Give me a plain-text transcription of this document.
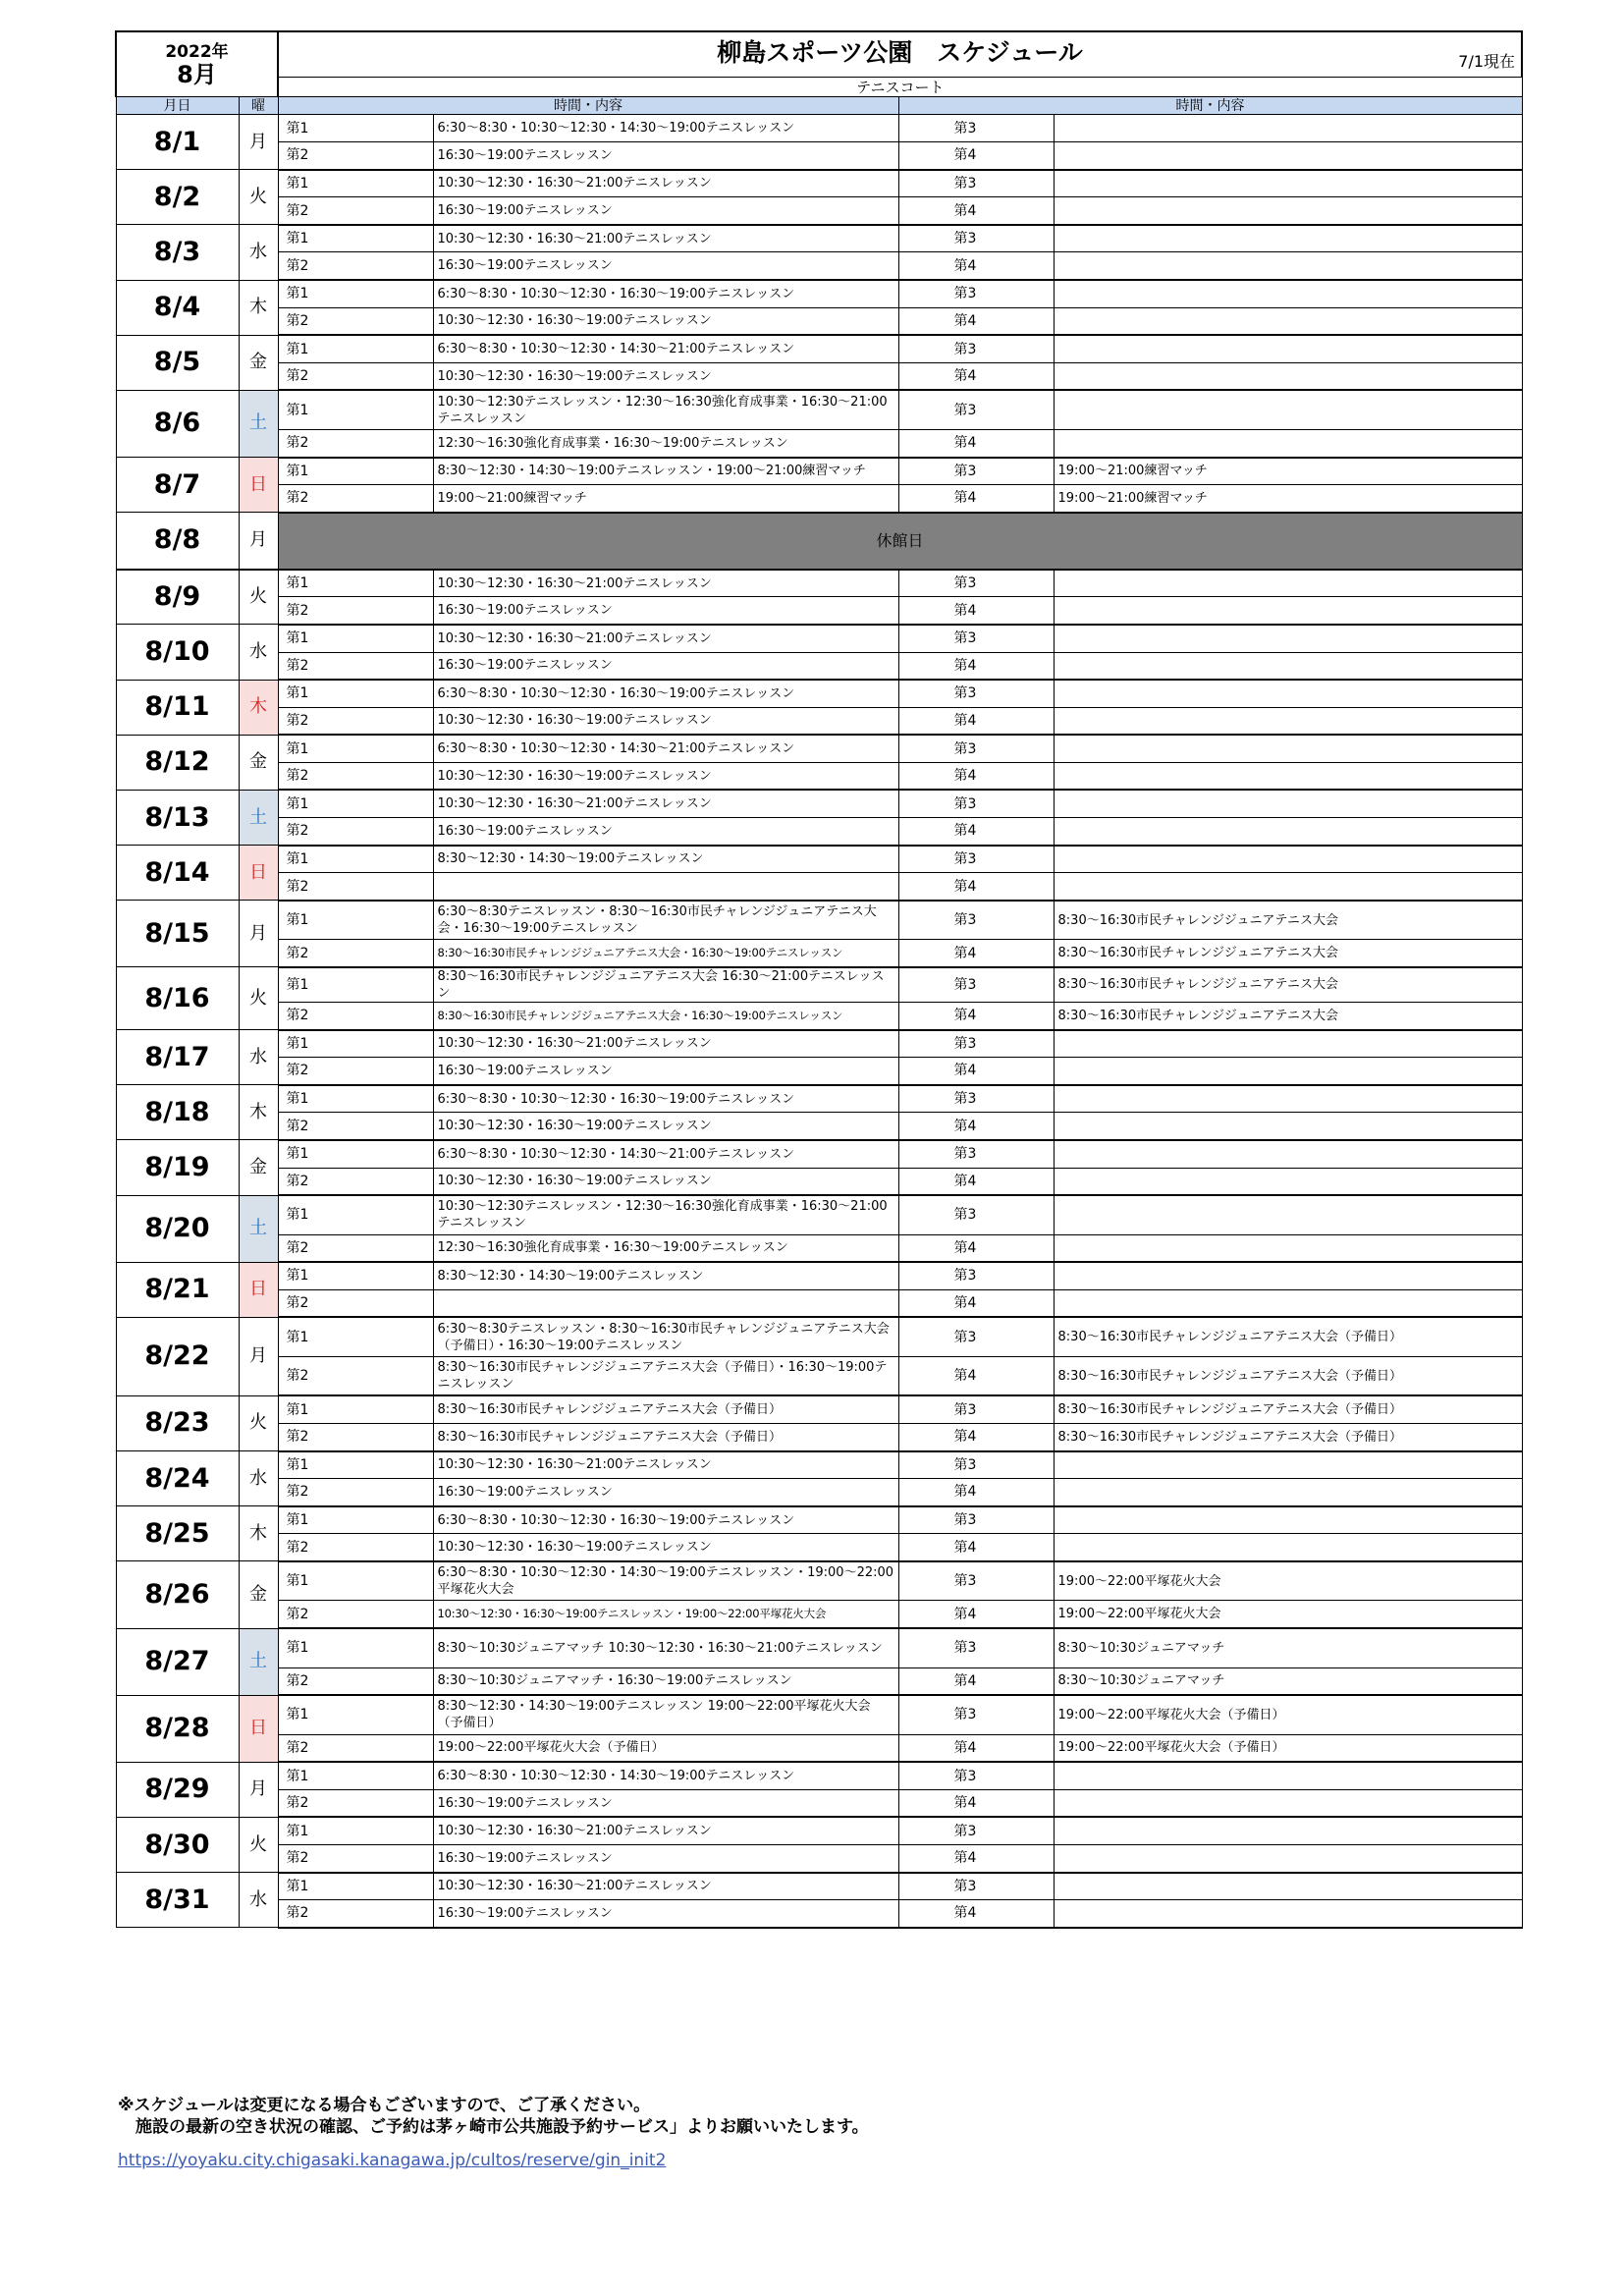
2022年
8月		柳島スポーツ公園　スケジュール 7/1現在			

		テニスコート			
月日	曜	時間・内容		時間・内容	
8/1	月	第1	6:30～8:30・10:30～12:30・14:30～19:00テニスレッスン	第3	
		第2	16:30～19:00テニスレッスン	第4	
8/2	火	第1	10:30～12:30・16:30～21:00テニスレッスン	第3	
		第2	16:30～19:00テニスレッスン	第4	
8/3	水	第1	10:30～12:30・16:30～21:00テニスレッスン	第3	
		第2	16:30～19:00テニスレッスン	第4	
8/4	木	第1	6:30～8:30・10:30～12:30・16:30～19:00テニスレッスン	第3	
		第2	10:30～12:30・16:30～19:00テニスレッスン	第4	
8/5	金	第1	6:30～8:30・10:30～12:30・14:30～21:00テニスレッスン	第3	
		第2	10:30～12:30・16:30～19:00テニスレッスン	第4	
8/6	土	第1	10:30～12:30テニスレッスン・12:30～16:30強化育成事業・16:30～21:00テニスレッスン	第3	
		第2	12:30～16:30強化育成事業・16:30～19:00テニスレッスン	第4	
8/7	日	第1	8:30～12:30・14:30～19:00テニスレッスン・19:00～21:00練習マッチ	第3	19:00～21:00練習マッチ
		第2	19:00～21:00練習マッチ	第4	19:00～21:00練習マッチ
8/8	月	休館日			
8/9	火	第1	10:30～12:30・16:30～21:00テニスレッスン	第3	
		第2	16:30～19:00テニスレッスン	第4	
8/10	水	第1	10:30～12:30・16:30～21:00テニスレッスン	第3	
		第2	16:30～19:00テニスレッスン	第4	
8/11	木	第1	6:30～8:30・10:30～12:30・16:30～19:00テニスレッスン	第3	
		第2	10:30～12:30・16:30～19:00テニスレッスン	第4	
8/12	金	第1	6:30～8:30・10:30～12:30・14:30～21:00テニスレッスン	第3	
		第2	10:30～12:30・16:30～19:00テニスレッスン	第4	
8/13	土	第1	10:30～12:30・16:30～21:00テニスレッスン	第3	
		第2	16:30～19:00テニスレッスン	第4	
8/14	日	第1	8:30～12:30・14:30～19:00テニスレッスン	第3	
		第2		第4	
8/15	月	第1	6:30～8:30テニスレッスン・8:30～16:30市民チャレンジジュニアテニス大会・16:30～19:00テニスレッスン	第3	8:30～16:30市民チャレンジジュニアテニス大会
		第2	8:30～16:30市民チャレンジジュニアテニス大会・16:30～19:00テニスレッスン	第4	8:30～16:30市民チャレンジジュニアテニス大会
8/16	火	第1	8:30～16:30市民チャレンジジュニアテニス大会 16:30～21:00テニスレッスン	第3	8:30～16:30市民チャレンジジュニアテニス大会
		第2	8:30～16:30市民チャレンジジュニアテニス大会・16:30～19:00テニスレッスン	第4	8:30～16:30市民チャレンジジュニアテニス大会
8/17	水	第1	10:30～12:30・16:30～21:00テニスレッスン	第3	
		第2	16:30～19:00テニスレッスン	第4	
8/18	木	第1	6:30～8:30・10:30～12:30・16:30～19:00テニスレッスン	第3	
		第2	10:30～12:30・16:30～19:00テニスレッスン	第4	
8/19	金	第1	6:30～8:30・10:30～12:30・14:30～21:00テニスレッスン	第3	
		第2	10:30～12:30・16:30～19:00テニスレッスン	第4	
8/20	土	第1	10:30～12:30テニスレッスン・12:30～16:30強化育成事業・16:30～21:00テニスレッスン	第3	
		第2	12:30～16:30強化育成事業・16:30～19:00テニスレッスン	第4	
8/21	日	第1	8:30～12:30・14:30～19:00テニスレッスン	第3	
		第2		第4	
8/22	月	第1	6:30～8:30テニスレッスン・8:30～16:30市民チャレンジジュニアテニス大会（予備日）・16:30～19:00テニスレッスン	第3	8:30～16:30市民チャレンジジュニアテニス大会（予備日）
		第2	8:30～16:30市民チャレンジジュニアテニス大会（予備日）・16:30～19:00テニスレッスン	第4	8:30～16:30市民チャレンジジュニアテニス大会（予備日）
8/23	火	第1	8:30～16:30市民チャレンジジュニアテニス大会（予備日）	第3	8:30～16:30市民チャレンジジュニアテニス大会（予備日）
		第2	8:30～16:30市民チャレンジジュニアテニス大会（予備日）	第4	8:30～16:30市民チャレンジジュニアテニス大会（予備日）
8/24	水	第1	10:30～12:30・16:30～21:00テニスレッスン	第3	
		第2	16:30～19:00テニスレッスン	第4	
8/25	木	第1	6:30～8:30・10:30～12:30・16:30～19:00テニスレッスン	第3	
		第2	10:30～12:30・16:30～19:00テニスレッスン	第4	
8/26	金	第1	6:30～8:30・10:30～12:30・14:30～19:00テニスレッスン・19:00～22:00平塚花火大会	第3	19:00～22:00平塚花火大会
		第2	10:30～12:30・16:30～19:00テニスレッスン・19:00～22:00平塚花火大会	第4	19:00～22:00平塚花火大会
8/27	土	第1	8:30～10:30ジュニアマッチ 10:30～12:30・16:30～21:00テニスレッスン	第3	8:30～10:30ジュニアマッチ
		第2	8:30～10:30ジュニアマッチ・16:30～19:00テニスレッスン	第4	8:30～10:30ジュニアマッチ
8/28	日	第1	8:30～12:30・14:30～19:00テニスレッスン 19:00～22:00平塚花火大会（予備日）	第3	19:00～22:00平塚花火大会（予備日）
		第2	19:00～22:00平塚花火大会（予備日）	第4	19:00～22:00平塚花火大会（予備日）
8/29	月	第1	6:30～8:30・10:30～12:30・14:30～19:00テニスレッスン	第3	
		第2	16:30～19:00テニスレッスン	第4	
8/30	火	第1	10:30～12:30・16:30～21:00テニスレッスン	第3	
		第2	16:30～19:00テニスレッスン	第4	
8/31	水	第1	10:30～12:30・16:30～21:00テニスレッスン	第3	
		第2	16:30～19:00テニスレッスン	第4	
※スケジュールは変更になる場合もございますので、ご了承ください。
施設の最新の空き状況の確認、ご予約は茅ヶ崎市公共施設予約サービス」よりお願いいたします。
https://yoyaku.city.chigasaki.kanagawa.jp/cultos/reserve/gin_init2
